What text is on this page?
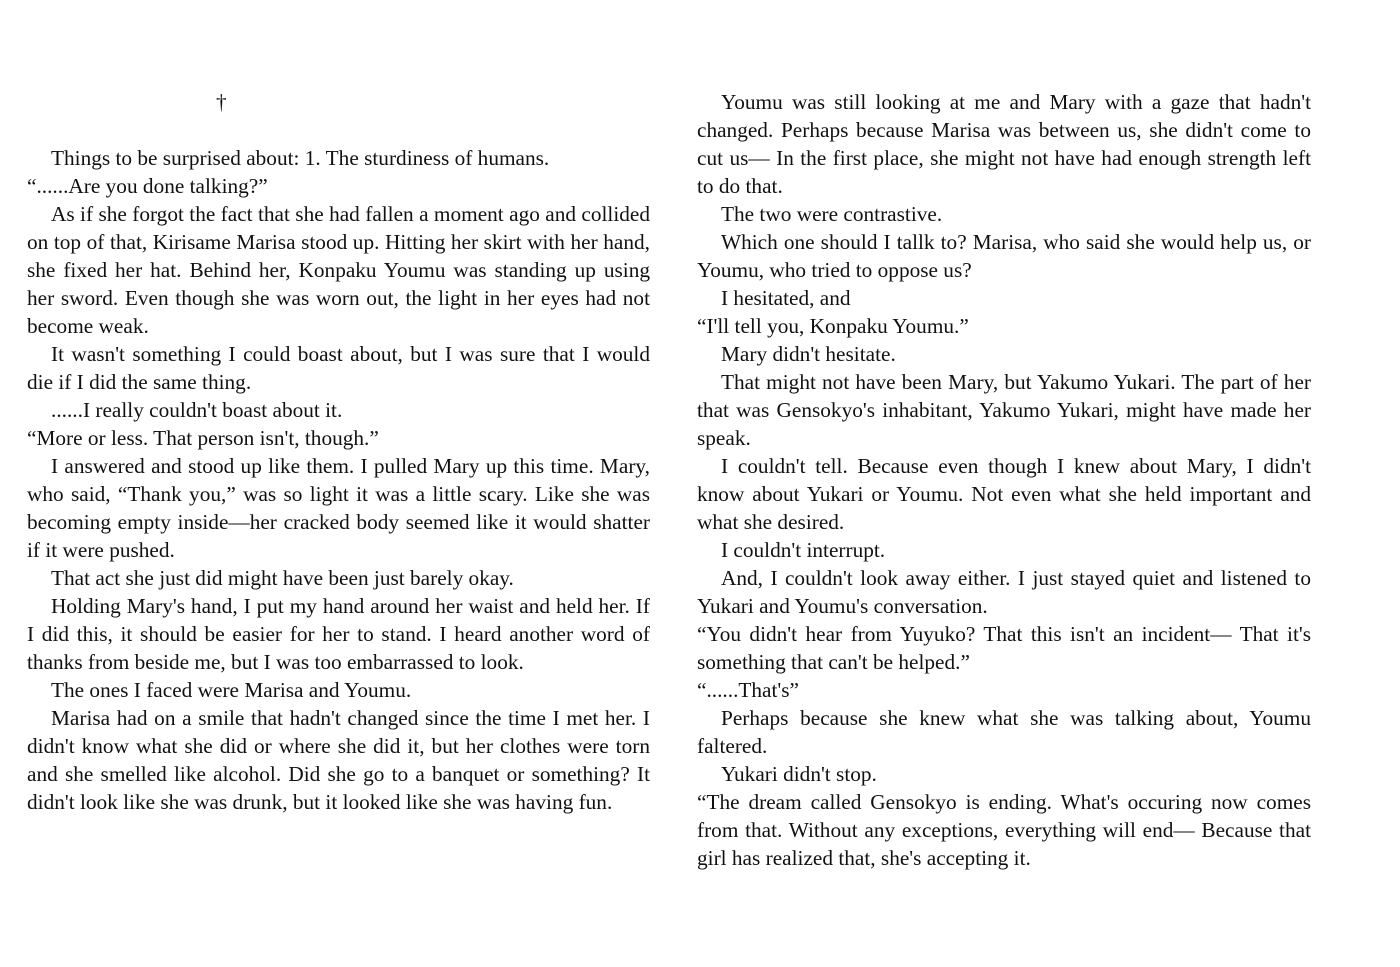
†

Things to be surprised about: 1. The sturdiness of humans.

“......Are you done talking?”

As if she forgot the fact that she had fallen a moment ago and collided on top of that, Kirisame Marisa stood up. Hitting her skirt with her hand, she fixed her hat. Behind her, Konpaku Youmu was standing up using her sword. Even though she was worn out, the light in her eyes had not become weak.

It wasn't something I could boast about, but I was sure that I would die if I did the same thing.

......I really couldn't boast about it.

“More or less. That person isn't, though.”

I answered and stood up like them. I pulled Mary up this time. Mary, who said, “Thank you,” was so light it was a little scary. Like she was becoming empty inside—her cracked body seemed like it would shatter if it were pushed.

That act she just did might have been just barely okay.

Holding Mary's hand, I put my hand around her waist and held her. If I did this, it should be easier for her to stand. I heard another word of thanks from beside me, but I was too embarrassed to look.

The ones I faced were Marisa and Youmu.

Marisa had on a smile that hadn't changed since the time I met her. I didn't know what she did or where she did it, but her clothes were torn and she smelled like alcohol. Did she go to a banquet or something? It didn't look like she was drunk, but it looked like she was having fun.

Youmu was still looking at me and Mary with a gaze that hadn't changed. Perhaps because Marisa was between us, she didn't come to cut us— In the first place, she might not have had enough strength left to do that.

The two were contrastive.

Which one should I tallk to? Marisa, who said she would help us, or Youmu, who tried to oppose us?

I hesitated, and

“I'll tell you, Konpaku Youmu.”

Mary didn't hesitate.

That might not have been Mary, but Yakumo Yukari. The part of her that was Gensokyo's inhabitant, Yakumo Yukari, might have made her speak.

I couldn't tell. Because even though I knew about Mary, I didn't know about Yukari or Youmu. Not even what she held important and what she desired.

I couldn't interrupt.

And, I couldn't look away either. I just stayed quiet and listened to Yukari and Youmu's conversation.

“You didn't hear from Yuyuko? That this isn't an incident— That it's something that can't be helped.”

“......That's”

Perhaps because she knew what she was talking about, Youmu faltered.

Yukari didn't stop.

“The dream called Gensokyo is ending. What's occuring now comes from that. Without any exceptions, everything will end— Because that girl has realized that, she's accepting it.
